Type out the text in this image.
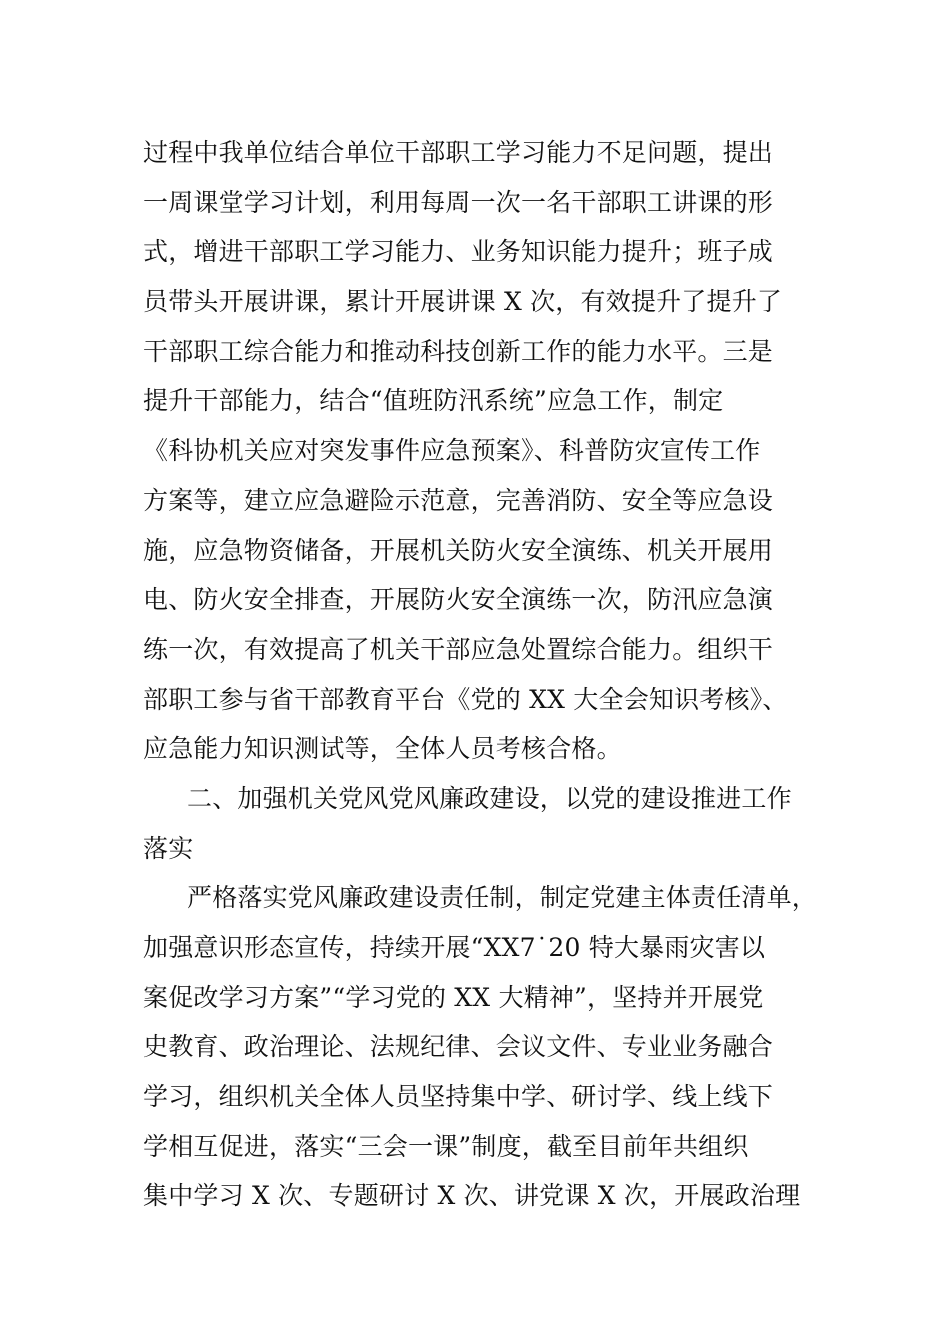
过程中我单位结合单位干部职工学习能力不足问题，提出
一周课堂学习计划，利用每周一次一名干部职工讲课的形
式，增进干部职工学习能力、业务知识能力提升；班子成
员带头开展讲课，累计开展讲课 X 次，有效提升了提升了
干部职工综合能力和推动科技创新工作的能力水平。三是
提升干部能力，结合“值班防汛系统”应急工作，制定
《科协机关应对突发事件应急预案》、科普防灾宣传工作
方案等，建立应急避险示范意，完善消防、安全等应急设
施，应急物资储备，开展机关防火安全演练、机关开展用
电、防火安全排查，开展防火安全演练一次，防汛应急演
练一次，有效提高了机关干部应急处置综合能力。组织干
部职工参与省干部教育平台《党的 XX 大全会知识考核》、
应急能力知识测试等，全体人员考核合格。
二、加强机关党风党风廉政建设，以党的建设推进工作
落实
严格落实党风廉政建设责任制，制定党建主体责任清单，
加强意识形态宣传，持续开展“XX7˙20 特大暴雨灾害以
案促改学习方案”“学习党的 XX 大精神”，坚持并开展党
史教育、政治理论、法规纪律、会议文件、专业业务融合
学习，组织机关全体人员坚持集中学、研讨学、线上线下
学相互促进，落实“三会一课”制度，截至目前年共组织
集中学习 X 次、专题研讨 X 次、讲党课 X 次，开展政治理
